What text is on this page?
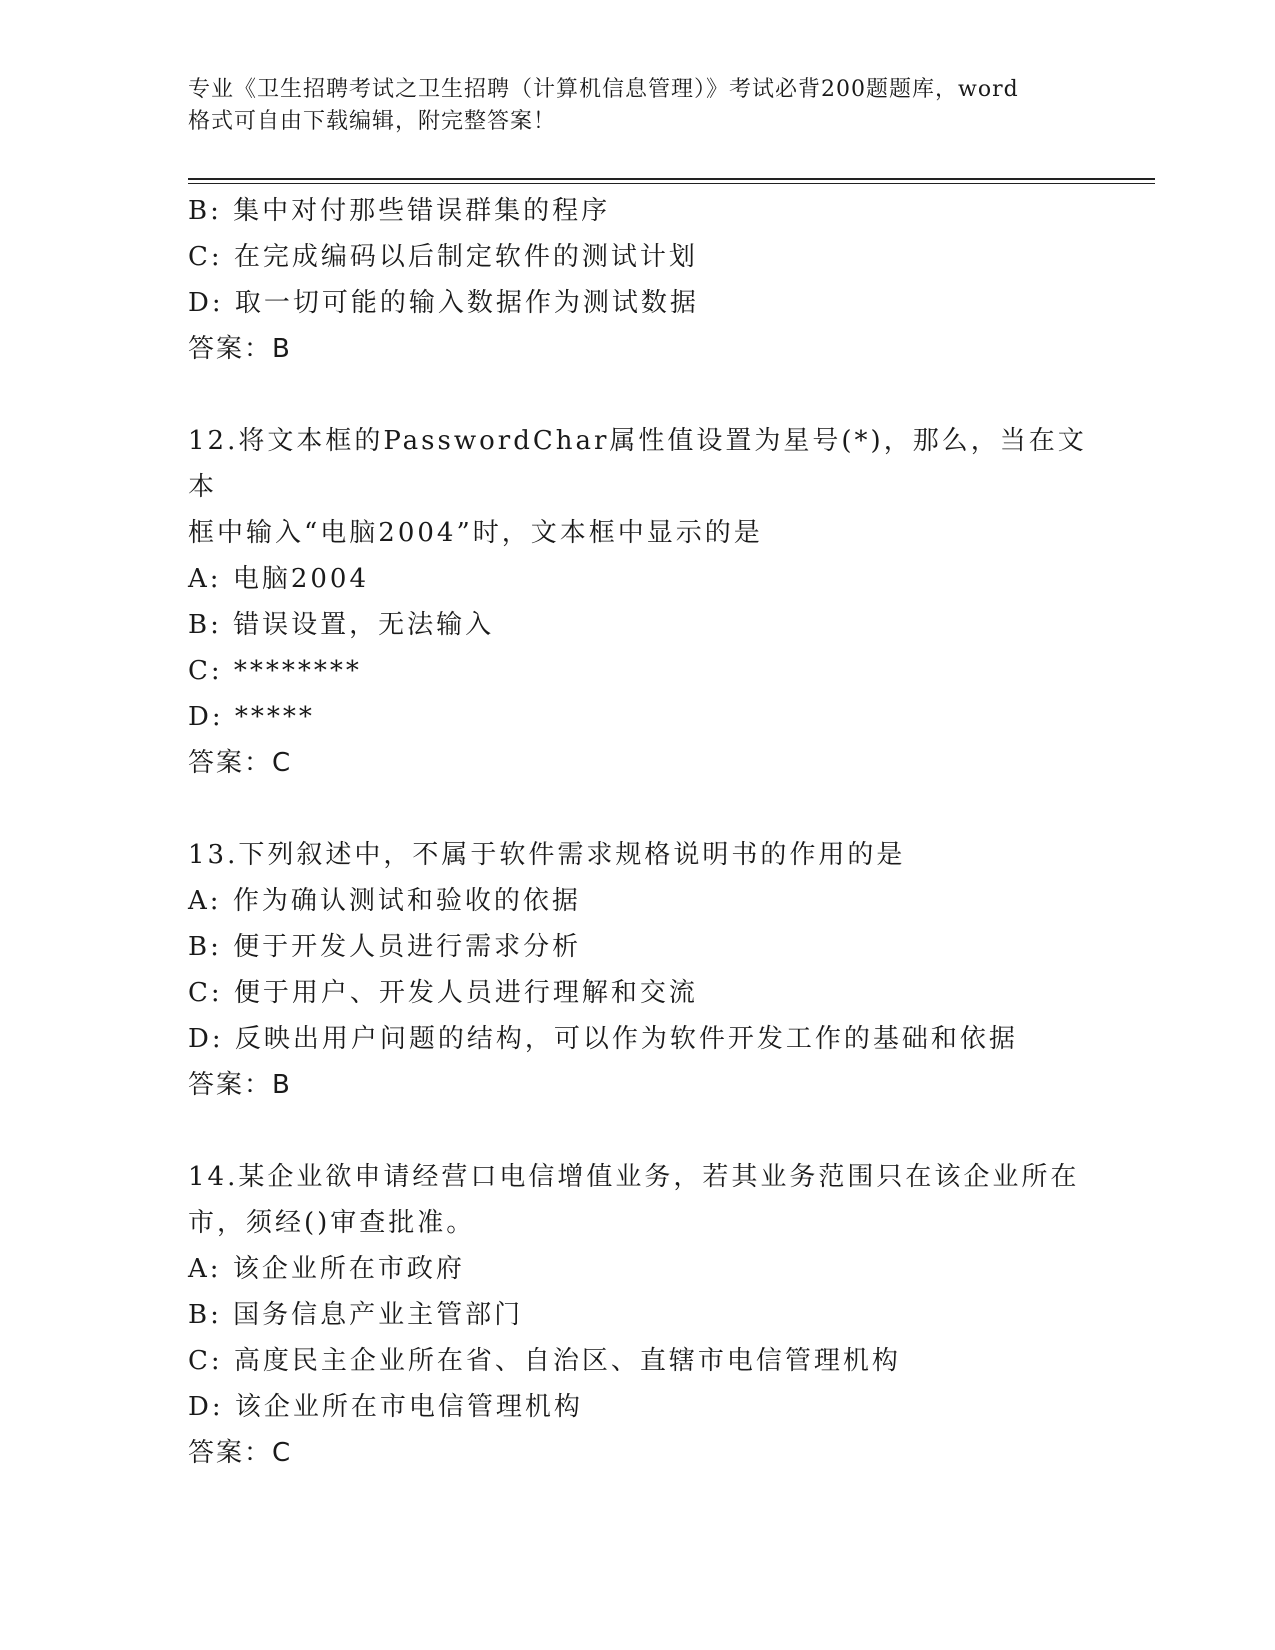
专业《卫生招聘考试之卫生招聘（计算机信息管理）》考试必背200题题库，word
格式可自由下载编辑，附完整答案！
B: 集中对付那些错误群集的程序
C: 在完成编码以后制定软件的测试计划
D: 取一切可能的输入数据作为测试数据
答案：B
12.将文本框的PasswordChar属性值设置为星号(*)，那么，当在文本
框中输入“电脑2004”时，文本框中显示的是
A: 电脑2004
B: 错误设置，无法输入
C: ********
D: *****
答案：C
13.下列叙述中，不属于软件需求规格说明书的作用的是
A: 作为确认测试和验收的依据
B: 便于开发人员进行需求分析
C: 便于用户、开发人员进行理解和交流
D: 反映出用户问题的结构，可以作为软件开发工作的基础和依据
答案：B
14.某企业欲申请经营口电信增值业务，若其业务范围只在该企业所在
市，须经()审查批准。
A: 该企业所在市政府
B: 国务信息产业主管部门
C: 高度民主企业所在省、自治区、直辖市电信管理机构
D: 该企业所在市电信管理机构
答案：C
